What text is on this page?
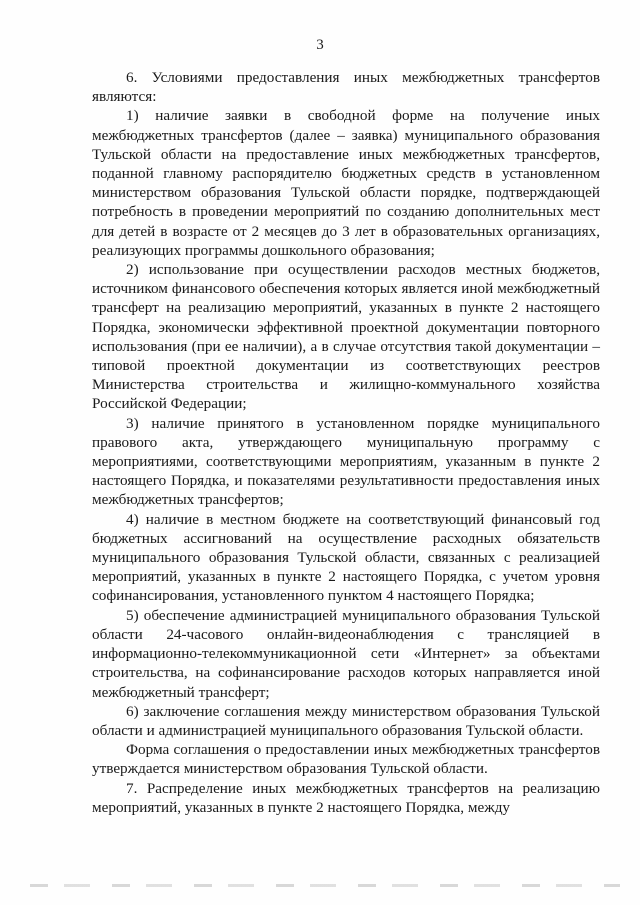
3

6. Условиями предоставления иных межбюджетных трансфертов являются:

1) наличие заявки в свободной форме на получение иных межбюджетных трансфертов (далее – заявка) муниципального образования Тульской области на предоставление иных межбюджетных трансфертов, поданной главному распорядителю бюджетных средств в установленном министерством образования Тульской области порядке, подтверждающей потребность в проведении мероприятий по созданию дополнительных мест для детей в возрасте от 2 месяцев до 3 лет в образовательных организациях, реализующих программы дошкольного образования;

2) использование при осуществлении расходов местных бюджетов, источником финансового обеспечения которых является иной межбюджетный трансферт на реализацию мероприятий, указанных в пункте 2 настоящего Порядка, экономически эффективной проектной документации повторного использования (при ее наличии), а в случае отсутствия такой документации – типовой проектной документации из соответствующих реестров Министерства строительства и жилищно-коммунального хозяйства Российской Федерации;

3) наличие принятого в установленном порядке муниципального правового акта, утверждающего муниципальную программу с мероприятиями, соответствующими мероприятиям, указанным в пункте 2 настоящего Порядка, и показателями результативности предоставления иных межбюджетных трансфертов;

4) наличие в местном бюджете на соответствующий финансовый год бюджетных ассигнований на осуществление расходных обязательств муниципального образования Тульской области, связанных с реализацией мероприятий, указанных в пункте 2 настоящего Порядка, с учетом уровня софинансирования, установленного пунктом 4 настоящего Порядка;

5) обеспечение администрацией муниципального образования Тульской области 24-часового онлайн-видеонаблюдения с трансляцией в информационно-телекоммуникационной сети «Интернет» за объектами строительства, на софинансирование расходов которых направляется иной межбюджетный трансферт;

6) заключение соглашения между министерством образования Тульской области и администрацией муниципального образования Тульской области.

Форма соглашения о предоставлении иных межбюджетных трансфертов утверждается министерством образования Тульской области.

7. Распределение иных межбюджетных трансфертов на реализацию мероприятий, указанных в пункте 2 настоящего Порядка, между
